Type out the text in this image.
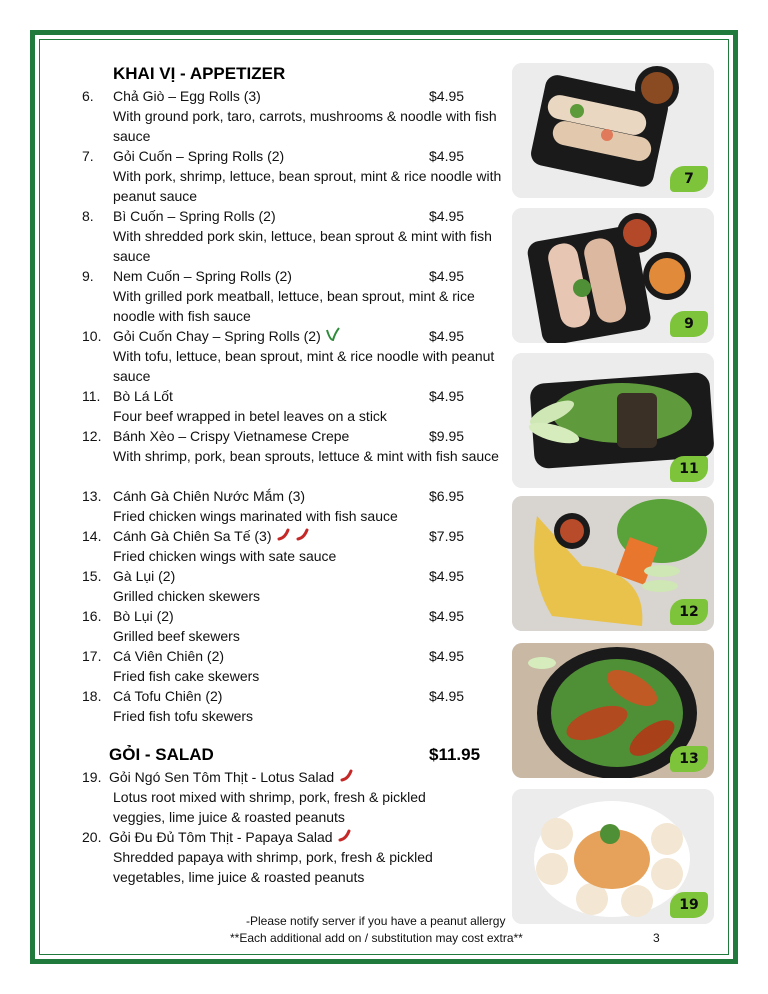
KHAI VỊ - APPETIZER
6. Chả Giò – Egg Rolls (3)	$4.95
With ground pork, taro, carrots, mushrooms & noodle with fish sauce
7. Gỏi Cuốn – Spring Rolls (2)	$4.95
With pork, shrimp, lettuce, bean sprout, mint & rice noodle with peanut sauce
8. Bì Cuốn – Spring Rolls (2)	$4.95
With shredded pork skin, lettuce, bean sprout & mint with fish sauce
9. Nem Cuốn – Spring Rolls (2)	$4.95
With grilled pork meatball, lettuce, bean sprout, mint & rice noodle with fish sauce
10. Gỏi Cuốn Chay – Spring Rolls (2)	$4.95
With tofu, lettuce, bean sprout, mint & rice noodle with peanut sauce
11. Bò Lá Lốt	$4.95
Four beef wrapped in betel leaves on a stick
12. Bánh Xèo – Crispy Vietnamese Crepe	$9.95
With shrimp, pork, bean sprouts, lettuce & mint with fish sauce
13. Cánh Gà Chiên Nước Mắm (3)	$6.95
Fried chicken wings marinated with fish sauce
14. Cánh Gà Chiên Sa Tế (3)	$7.95
Fried chicken wings with sate sauce
15. Gà Lụi (2)	$4.95
Grilled chicken skewers
16. Bò Lụi (2)	$4.95
Grilled beef skewers
17. Cá Viên Chiên (2)	$4.95
Fried fish cake skewers
18. Cá Tofu Chiên (2)	$4.95
Fried fish tofu skewers
GỎI - SALAD	$11.95
19. Gỏi Ngó Sen Tôm Thịt - Lotus Salad
Lotus root mixed with shrimp, pork, fresh & pickled veggies, lime juice & roasted peanuts
20. Gỏi Đu Đủ Tôm Thịt - Papaya Salad
Shredded papaya with shrimp, pork, fresh & pickled vegetables, lime juice & roasted peanuts
7
9
11
12
13
19
-Please notify server if you have a peanut allergy
**Each additional add on / substitution may cost extra**	3
